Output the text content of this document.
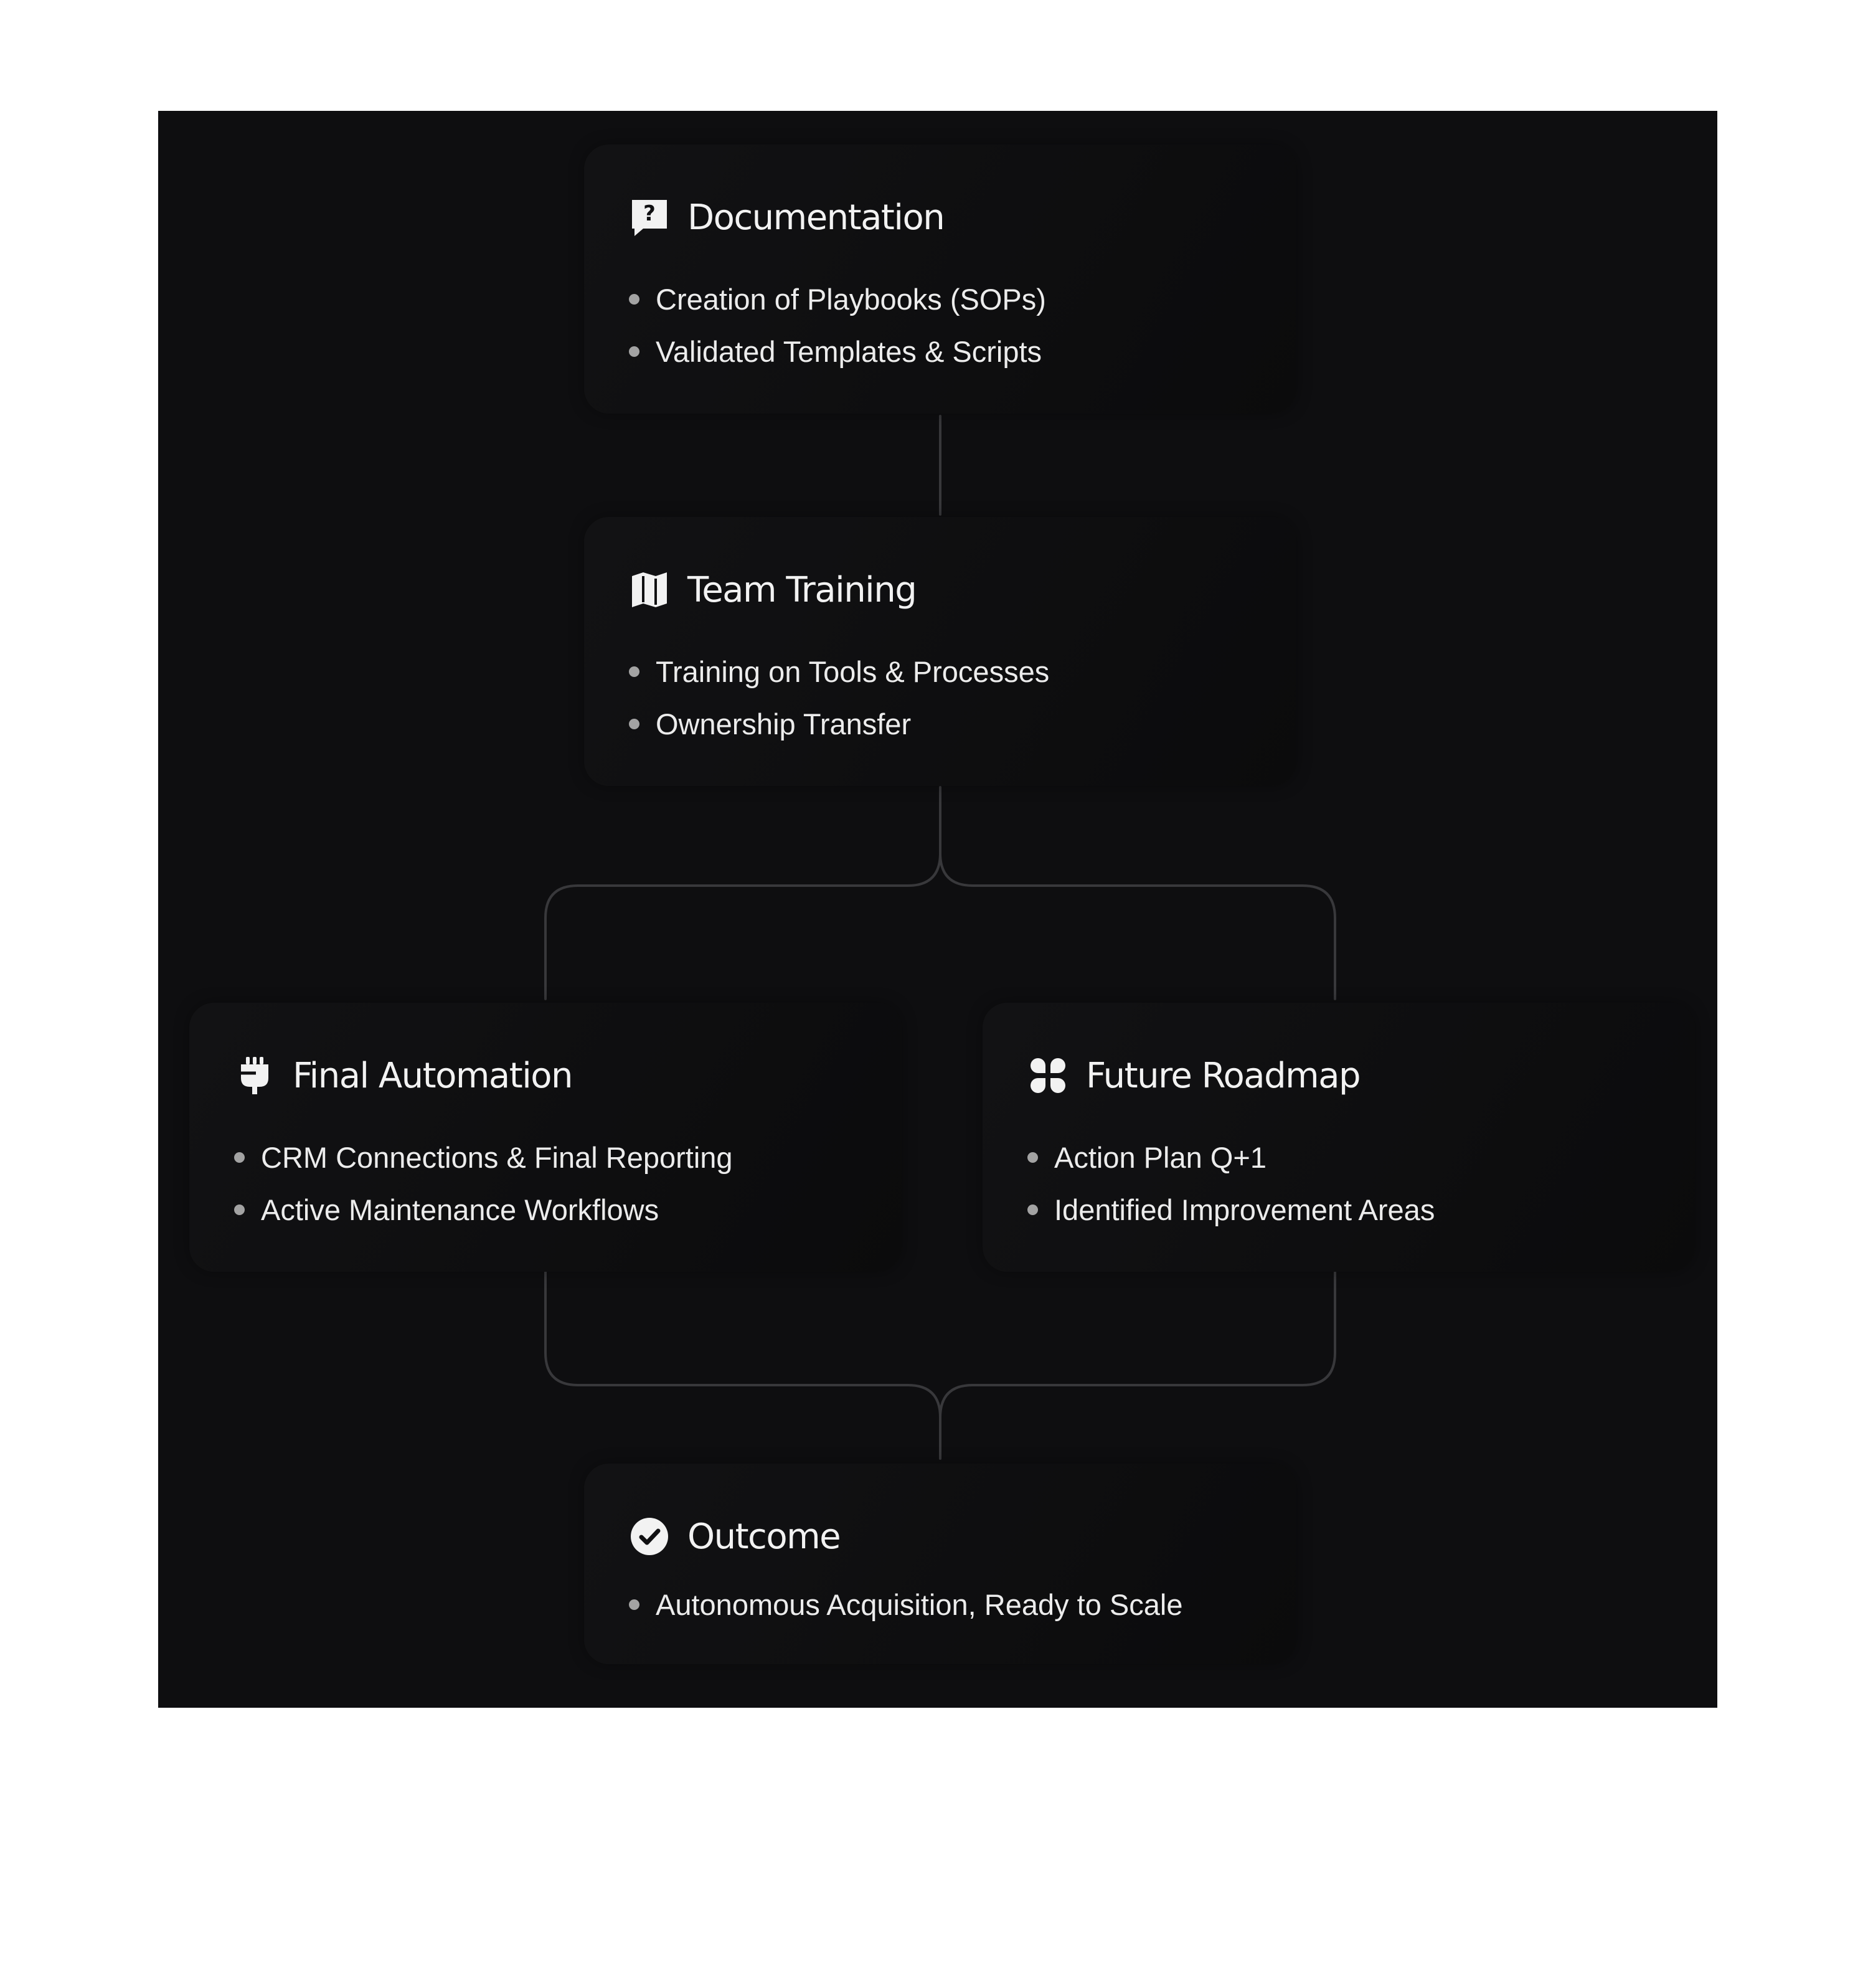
? Documentation
Creation of Playbooks (SOPs)
Validated Templates & Scripts
Team Training
Training on Tools & Processes
Ownership Transfer
Final Automation
CRM Connections & Final Reporting
Active Maintenance Workflows
Future Roadmap
Action Plan Q+1
Identified Improvement Areas
Outcome
Autonomous Acquisition, Ready to Scale
